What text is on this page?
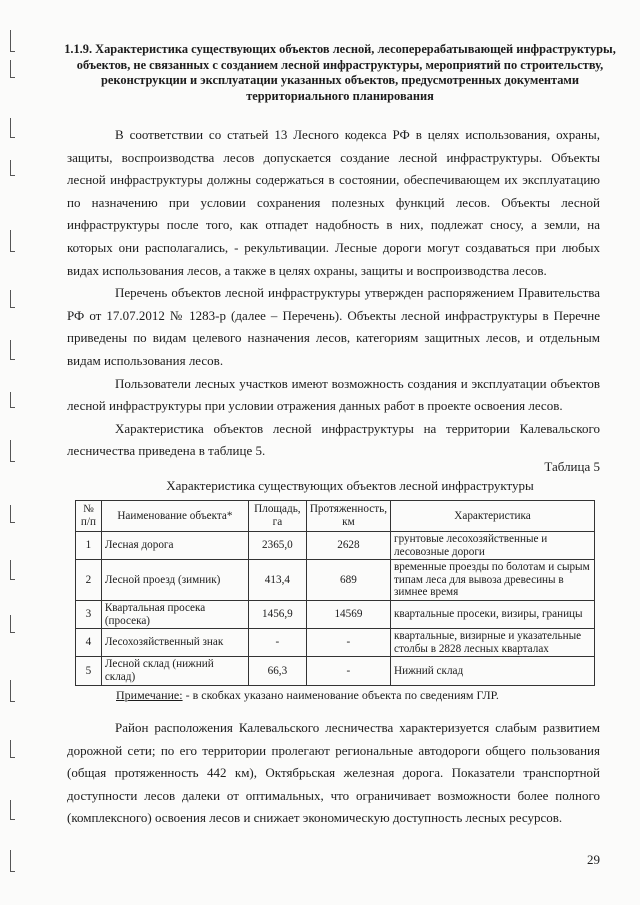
1.1.9. Характеристика существующих объектов лесной, лесоперерабатывающей инфраструктуры, объектов, не связанных с созданием лесной инфраструктуры, мероприятий по строительству, реконструкции и эксплуатации указанных объектов, предусмотренных документами территориального планирования

В соответствии со статьей 13 Лесного кодекса РФ в целях использования, охраны, защиты, воспроизводства лесов допускается создание лесной инфраструктуры. Объекты лесной инфраструктуры должны содержаться в состоянии, обеспечивающем их эксплуатацию по назначению при условии сохранения полезных функций лесов. Объекты лесной инфраструктуры после того, как отпадет надобность в них, подлежат сносу, а земли, на которых они располагались, - рекультивации. Лесные дороги могут создаваться при любых видах использования лесов, а также в целях охраны, защиты и воспроизводства лесов.

Перечень объектов лесной инфраструктуры утвержден распоряжением Правительства РФ от 17.07.2012 № 1283-р (далее – Перечень). Объекты лесной инфраструктуры в Перечне приведены по видам целевого назначения лесов, категориям защитных лесов, и отдельным видам использования лесов.

Пользователи лесных участков имеют возможность создания и эксплуатации объектов лесной инфраструктуры при условии отражения данных работ в проекте освоения лесов.

Характеристика объектов лесной инфраструктуры на территории Калевальского лесничества приведена в таблице 5.

Таблица 5
Характеристика существующих объектов лесной инфраструктуры
№ п/п	Наименование объекта*	Площадь, га	Протяженность, км	Характеристика
1	Лесная дорога	2365,0	2628	грунтовые лесохозяйственные и лесовозные дороги
2	Лесной проезд (зимник)	413,4	689	временные проезды по болотам и сырым типам леса для вывоза древесины в зимнее время
3	Квартальная просека (просека)	1456,9	14569	квартальные просеки, визиры, границы
4	Лесохозяйственный знак	-	-	квартальные, визирные и указательные столбы в 2828 лесных кварталах
5	Лесной склад (нижний склад)	66,3	-	Нижний склад
Примечание: - в скобках указано наименование объекта по сведениям ГЛР.

Район расположения Калевальского лесничества характеризуется слабым развитием дорожной сети; по его территории пролегают региональные автодороги общего пользования (общая протяженность 442 км), Октябрьская железная дорога. Показатели транспортной доступности лесов далеки от оптимальных, что ограничивает возможности более полного (комплексного) освоения лесов и снижает экономическую доступность лесных ресурсов.

29
